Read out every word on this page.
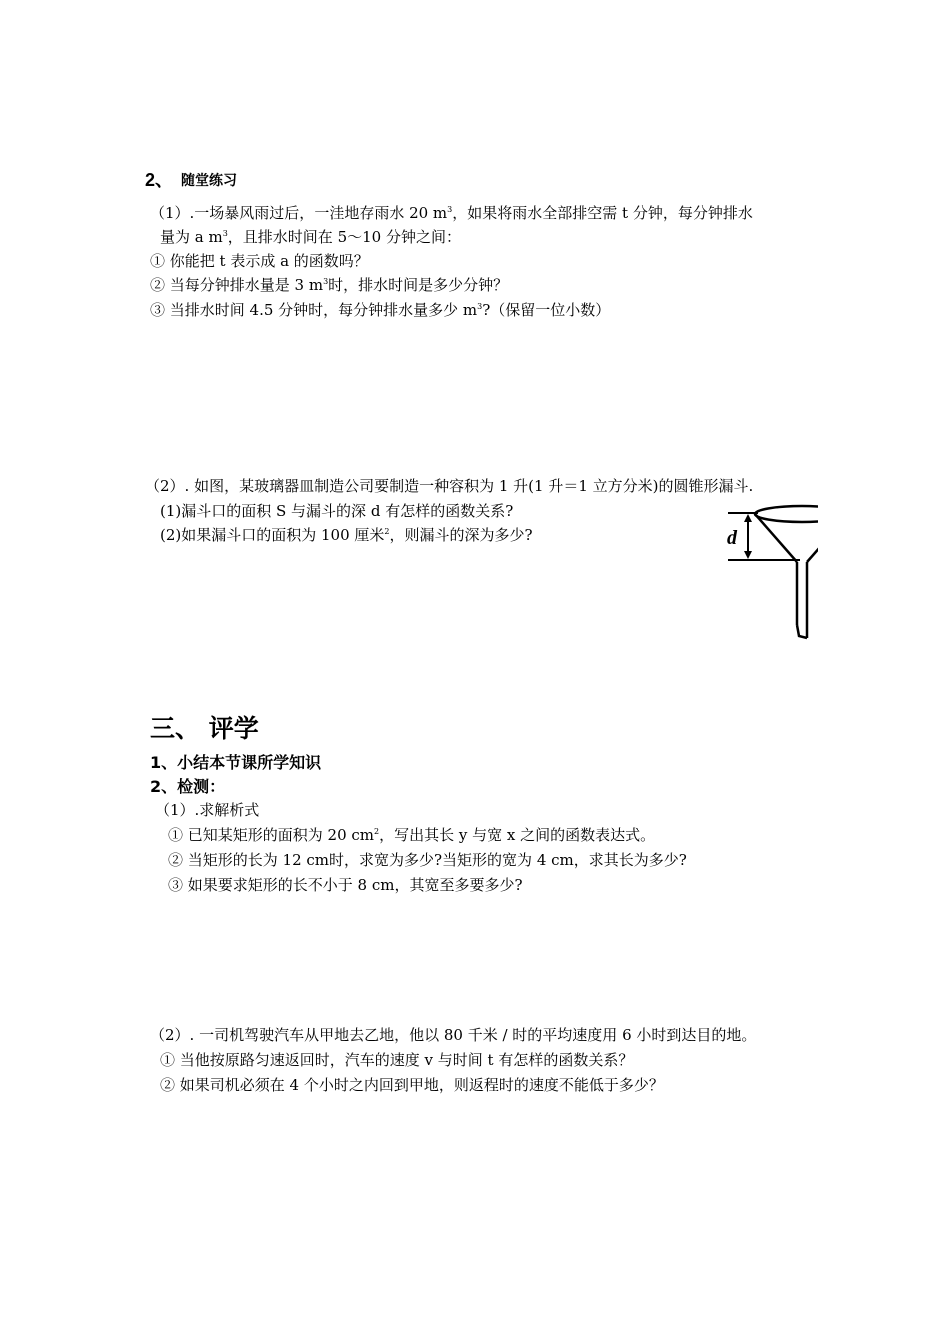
2、 随堂练习
（1）.一场暴风雨过后，一洼地存雨水 20 $m^3$，如果将雨水全部排空需 t 分钟，每分钟排水
量为 a $m^3$，且排水时间在 5～10 分钟之间：
① 你能把 t 表示成 a 的函数吗？
② 当每分钟排水量是 3 $m^3$时，排水时间是多少分钟？
③ 当排水时间 4.5 分钟时，每分钟排水量多少 $m^3$?（保留一位小数）
（2）. 如图，某玻璃器皿制造公司要制造一种容积为 1 升(1 升＝1 立方分米)的圆锥形漏斗.
(1)漏斗口的面积 S 与漏斗的深 d 有怎样的函数关系?
(2)如果漏斗口的面积为 100 厘米$^2$，则漏斗的深为多少?	d
三、 评学
1、小结本节课所学知识
2、检测：
（1）.求解析式
① 已知某矩形的面积为 20 $cm^2$，写出其长 y 与宽 x 之间的函数表达式。
② 当矩形的长为 12 cm时，求宽为多少?当矩形的宽为 4 cm，求其长为多少?
③ 如果要求矩形的长不小于 8 cm，其宽至多要多少?
（2）. 一司机驾驶汽车从甲地去乙地，他以 80 千米 / 时的平均速度用 6 小时到达目的地。
① 当他按原路匀速返回时，汽车的速度 v 与时间 t 有怎样的函数关系？
② 如果司机必须在 4 个小时之内回到甲地，则返程时的速度不能低于多少？
